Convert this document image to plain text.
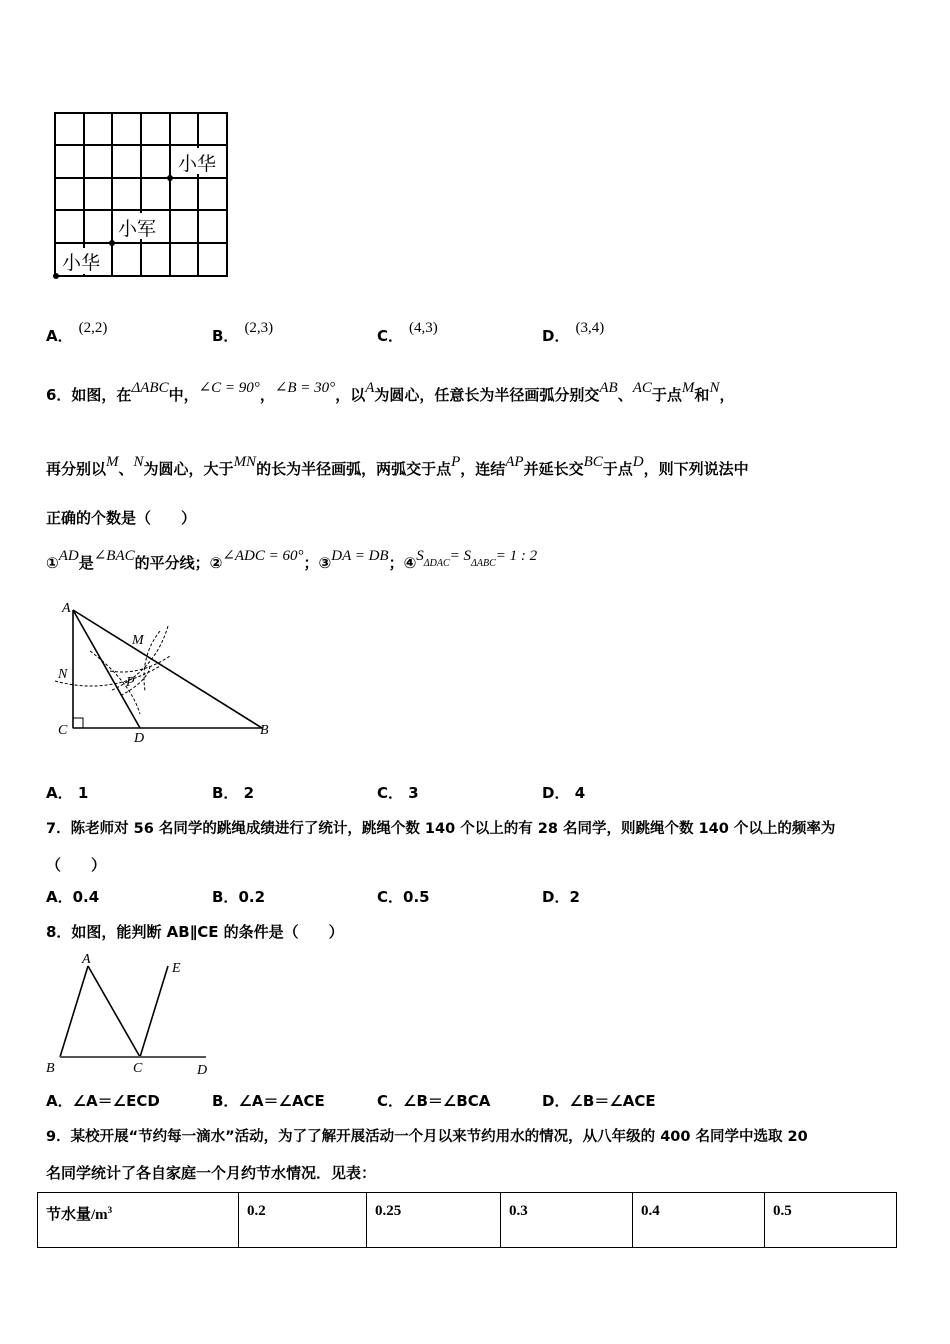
小华
小军
小华
A． (2,2)	B． (2,3)	C． (4,3)	D． (3,4)
6．如图，在ΔABC中，∠C = 90°，∠B = 30°，以A为圆心，任意长为半径画弧分别交AB、AC于点M和N，
再分别以M、N为圆心，大于MN的长为半径画弧，两弧交于点P，连结AP并延长交BC于点D，则下列说法中
正确的个数是（　　）
①AD是∠BAC的平分线；②∠ADC = 60°；③DA = DB；④SΔDAC= SΔABC= 1 : 2
A
M
N
P
C
D
B
A． 1	B． 2	C． 3	D． 4
7．陈老师对 56 名同学的跳绳成绩进行了统计，跳绳个数 140 个以上的有 28 名同学，则跳绳个数 140 个以上的频率为
（　　）
A．0.4	B．0.2	C．0.5	D．2
8．如图，能判断 AB∥CE 的条件是（　　）
A
E
B	C	D
A．∠A＝∠ECD	B．∠A＝∠ACE	C．∠B＝∠BCA	D．∠B＝∠ACE
9．某校开展“节约每一滴水”活动，为了了解开展活动一个月以来节约用水的情况，从八年级的 400 名同学中选取 20
名同学统计了各自家庭一个月约节水情况．见表：
节水量$/m^3$	0.2	0.25	0.3	0.4	0.5
